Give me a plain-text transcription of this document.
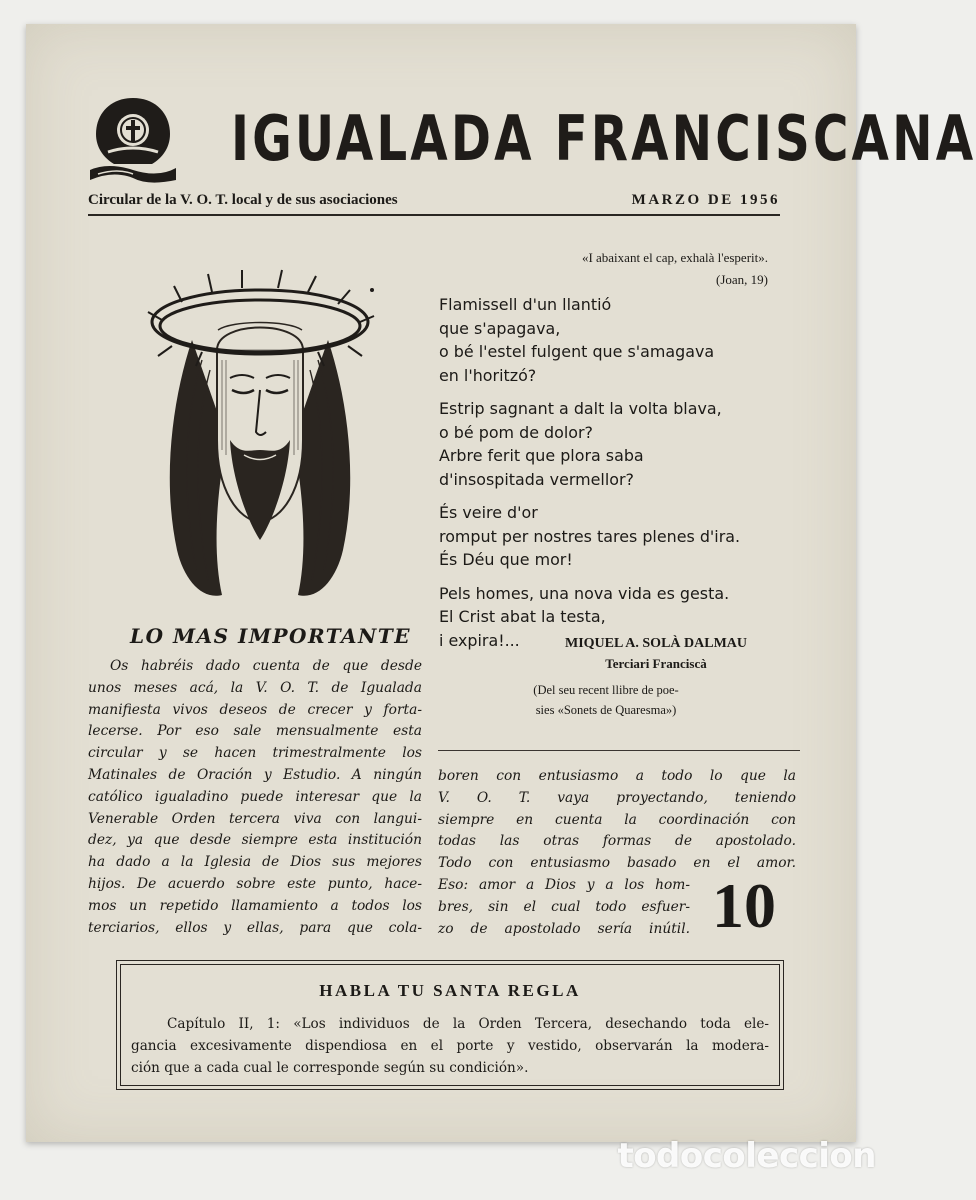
IGUALADA FRANCISCANA
Circular de la V. O. T. local y de sus asociaciones	MARZO DE 1956
«I abaixant el cap, exhalà l'esperit».
(Joan, 19)
Flamissell d'un llantió
que s'apagava,
o bé l'estel fulgent que s'amagava
en l'horitzó?
Estrip sagnant a dalt la volta blava,
o bé pom de dolor?
Arbre ferit que plora saba
d'insospitada vermellor?
És veire d'or
romput per nostres tares plenes d'ira.
És Déu que mor!
Pels homes, una nova vida es gesta.
El Crist abat la testa,
i expira!...	MIQUEL A. SOLÀ DALMAU
Terciari Franciscà
(Del seu recent llibre de poe-
sies «Sonets de Quaresma»)
LO MAS IMPORTANTE
Os habréis dado cuenta de que desde
unos meses acá, la V. O. T. de Igualada
manifiesta vivos deseos de crecer y forta-
lecerse. Por eso sale mensualmente esta
circular y se hacen trimestralmente los
Matinales de Oración y Estudio. A ningún
católico igualadino puede interesar que la
Venerable Orden tercera viva con langui-
dez, ya que desde siempre esta institución
ha dado a la Iglesia de Dios sus mejores
hijos. De acuerdo sobre este punto, hace-
mos un repetido llamamiento a todos los
terciarios, ellos y ellas, para que cola-
boren con entusiasmo a todo lo que la
V. O. T. vaya proyectando, teniendo
siempre en cuenta la coordinación con
todas las otras formas de apostolado.
Todo con entusiasmo basado en el amor.
Eso: amor a Dios y a los hom-
bres, sin el cual todo esfuer-
zo de apostolado sería inútil. 10
HABLA TU SANTA REGLA
Capítulo II, 1: «Los individuos de la Orden Tercera, desechando toda ele-
gancia excesivamente dispendiosa en el porte y vestido, observarán la modera-
ción que a cada cual le corresponde según su condición».
todocoleccion
